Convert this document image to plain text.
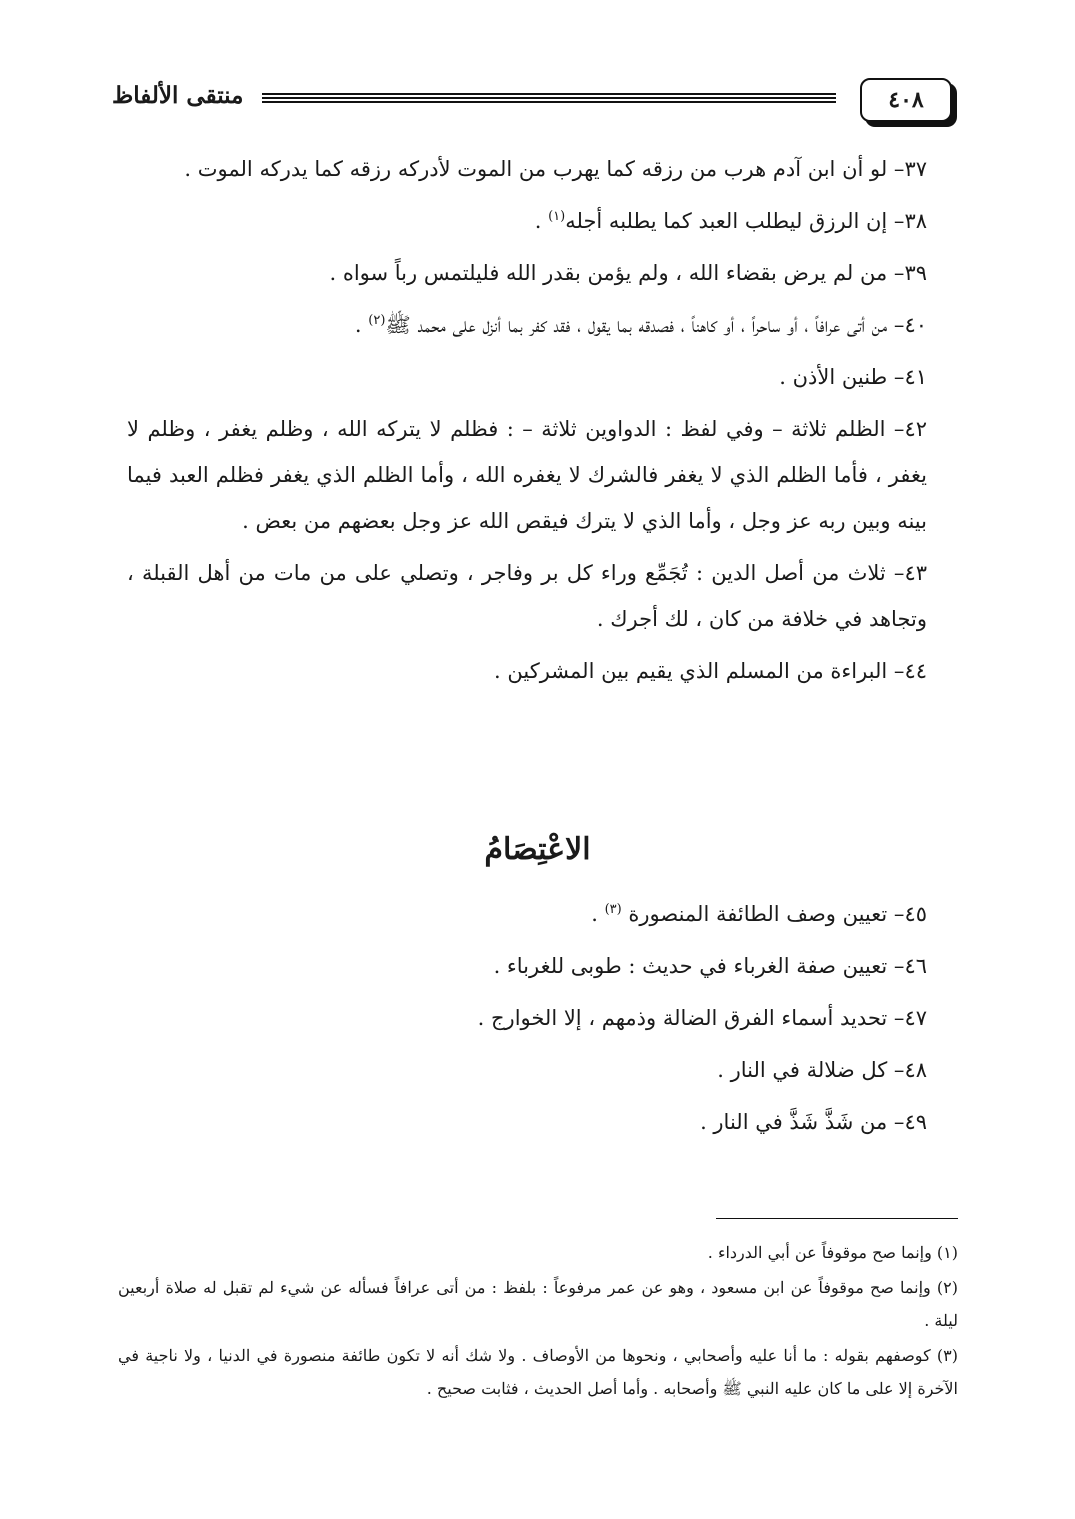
٤٠٨
منتقى الألفاظ

٣٧– لو أن ابن آدم هرب من رزقه كما يهرب من الموت لأدركه رزقه كما يدركه الموت .

٣٨– إن الرزق ليطلب العبد كما يطلبه أجله$^{(١)}$ .

٣٩– من لم يرض بقضاء الله ، ولم يؤمن بقدر الله فليلتمس رباً سواه .

٤٠– من أتى عرافاً ، أو ساحراً ، أو كاهناً ، فصدقه بما يقول ، فقد كفر بما أنزل على محمد ﷺ$^{(٢)}$ .

٤١– طنين الأذن .

٤٢– الظلم ثلاثة – وفي لفظ : الدواوين ثلاثة – : فظلم لا يتركه الله ، وظلم يغفر ، وظلم لا يغفر ، فأما الظلم الذي لا يغفر فالشرك لا يغفره الله ، وأما الظلم الذي يغفر فظلم العبد فيما بينه وبين ربه عز وجل ، وأما الذي لا يترك فيقص الله عز وجل بعضهم من بعض .

٤٣– ثلاث من أصل الدين : تُجَمِّع وراء كل بر وفاجر ، وتصلي على من مات من أهل القبلة ، وتجاهد في خلافة من كان ، لك أجرك .

٤٤– البراءة من المسلم الذي يقيم بين المشركين .

الاعْتِصَامُ

٤٥– تعيين وصف الطائفة المنصورة $^{(٣)}$ .

٤٦– تعيين صفة الغرباء في حديث : طوبى للغرباء .

٤٧– تحديد أسماء الفرق الضالة وذمهم ، إلا الخوارج .

٤٨– كل ضلالة في النار .

٤٩– من شَذَّ شَذَّ في النار .

(١) وإنما صح موقوفاً عن أبي الدرداء .

(٢) وإنما صح موقوفاً عن ابن مسعود ، وهو عن عمر مرفوعاً : بلفظ : من أتى عرافاً فسأله عن شيء لم تقبل له صلاة أربعين ليلة .

(٣) كوصفهم بقوله : ما أنا عليه وأصحابي ، ونحوها من الأوصاف . ولا شك أنه لا تكون طائفة منصورة في الدنيا ، ولا ناجية في الآخرة إلا على ما كان عليه النبي ﷺ وأصحابه . وأما أصل الحديث ، فثابت صحيح .
